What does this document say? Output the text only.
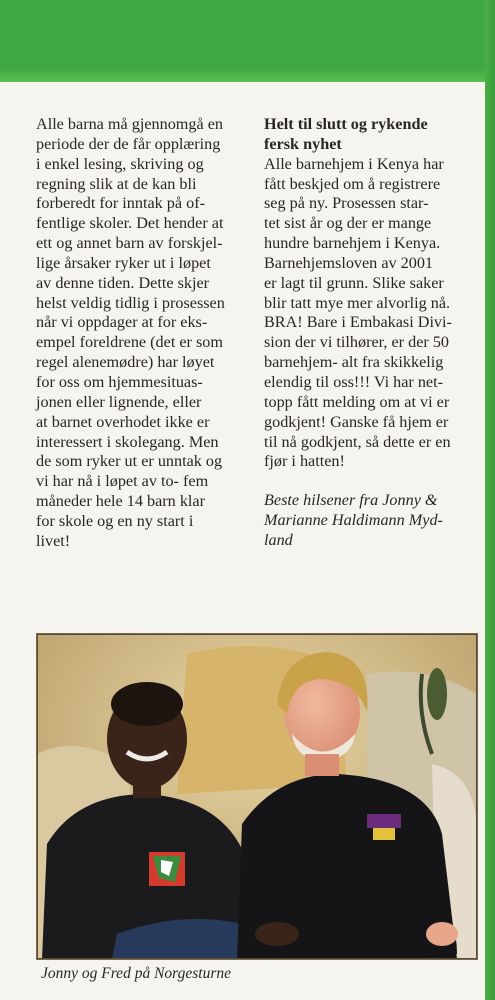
Alle barna må gjennomgå en
periode der de får opplæring
i enkel lesing, skriving og
regning slik at de kan bli
forberedt for inntak på of-
fentlige skoler. Det hender at
ett og annet barn av forskjel-
lige årsaker ryker ut i løpet
av denne tiden. Dette skjer
helst veldig tidlig i prosessen
når vi oppdager at for eks-
empel foreldrene (det er som
regel alenemødre) har løyet
for oss om hjemmesituas-
jonen eller lignende, eller
at barnet overhodet ikke er
interessert i skolegang. Men
de som ryker ut er unntak og
vi har nå i løpet av to- fem
måneder hele 14 barn klar
for skole og en ny start i
livet!
Helt til slutt og rykende
fersk nyhet
Alle barnehjem i Kenya har
fått beskjed om å registrere
seg på ny. Prosessen star-
tet sist år og der er mange
hundre barnehjem i Kenya.
Barnehjemsloven av 2001
er lagt til grunn. Slike saker
blir tatt mye mer alvorlig nå.
BRA! Bare i Embakasi Divi-
sion der vi tilhører, er der 50
barnehjem- alt fra skikkelig
elendig til oss!!! Vi har net-
topp fått melding om at vi er
godkjent! Ganske få hjem er
til nå godkjent, så dette er en
fjør i hatten!
Beste hilsener fra Jonny &
Marianne Haldimann Myd-
land
Jonny og Fred på Norgesturne
